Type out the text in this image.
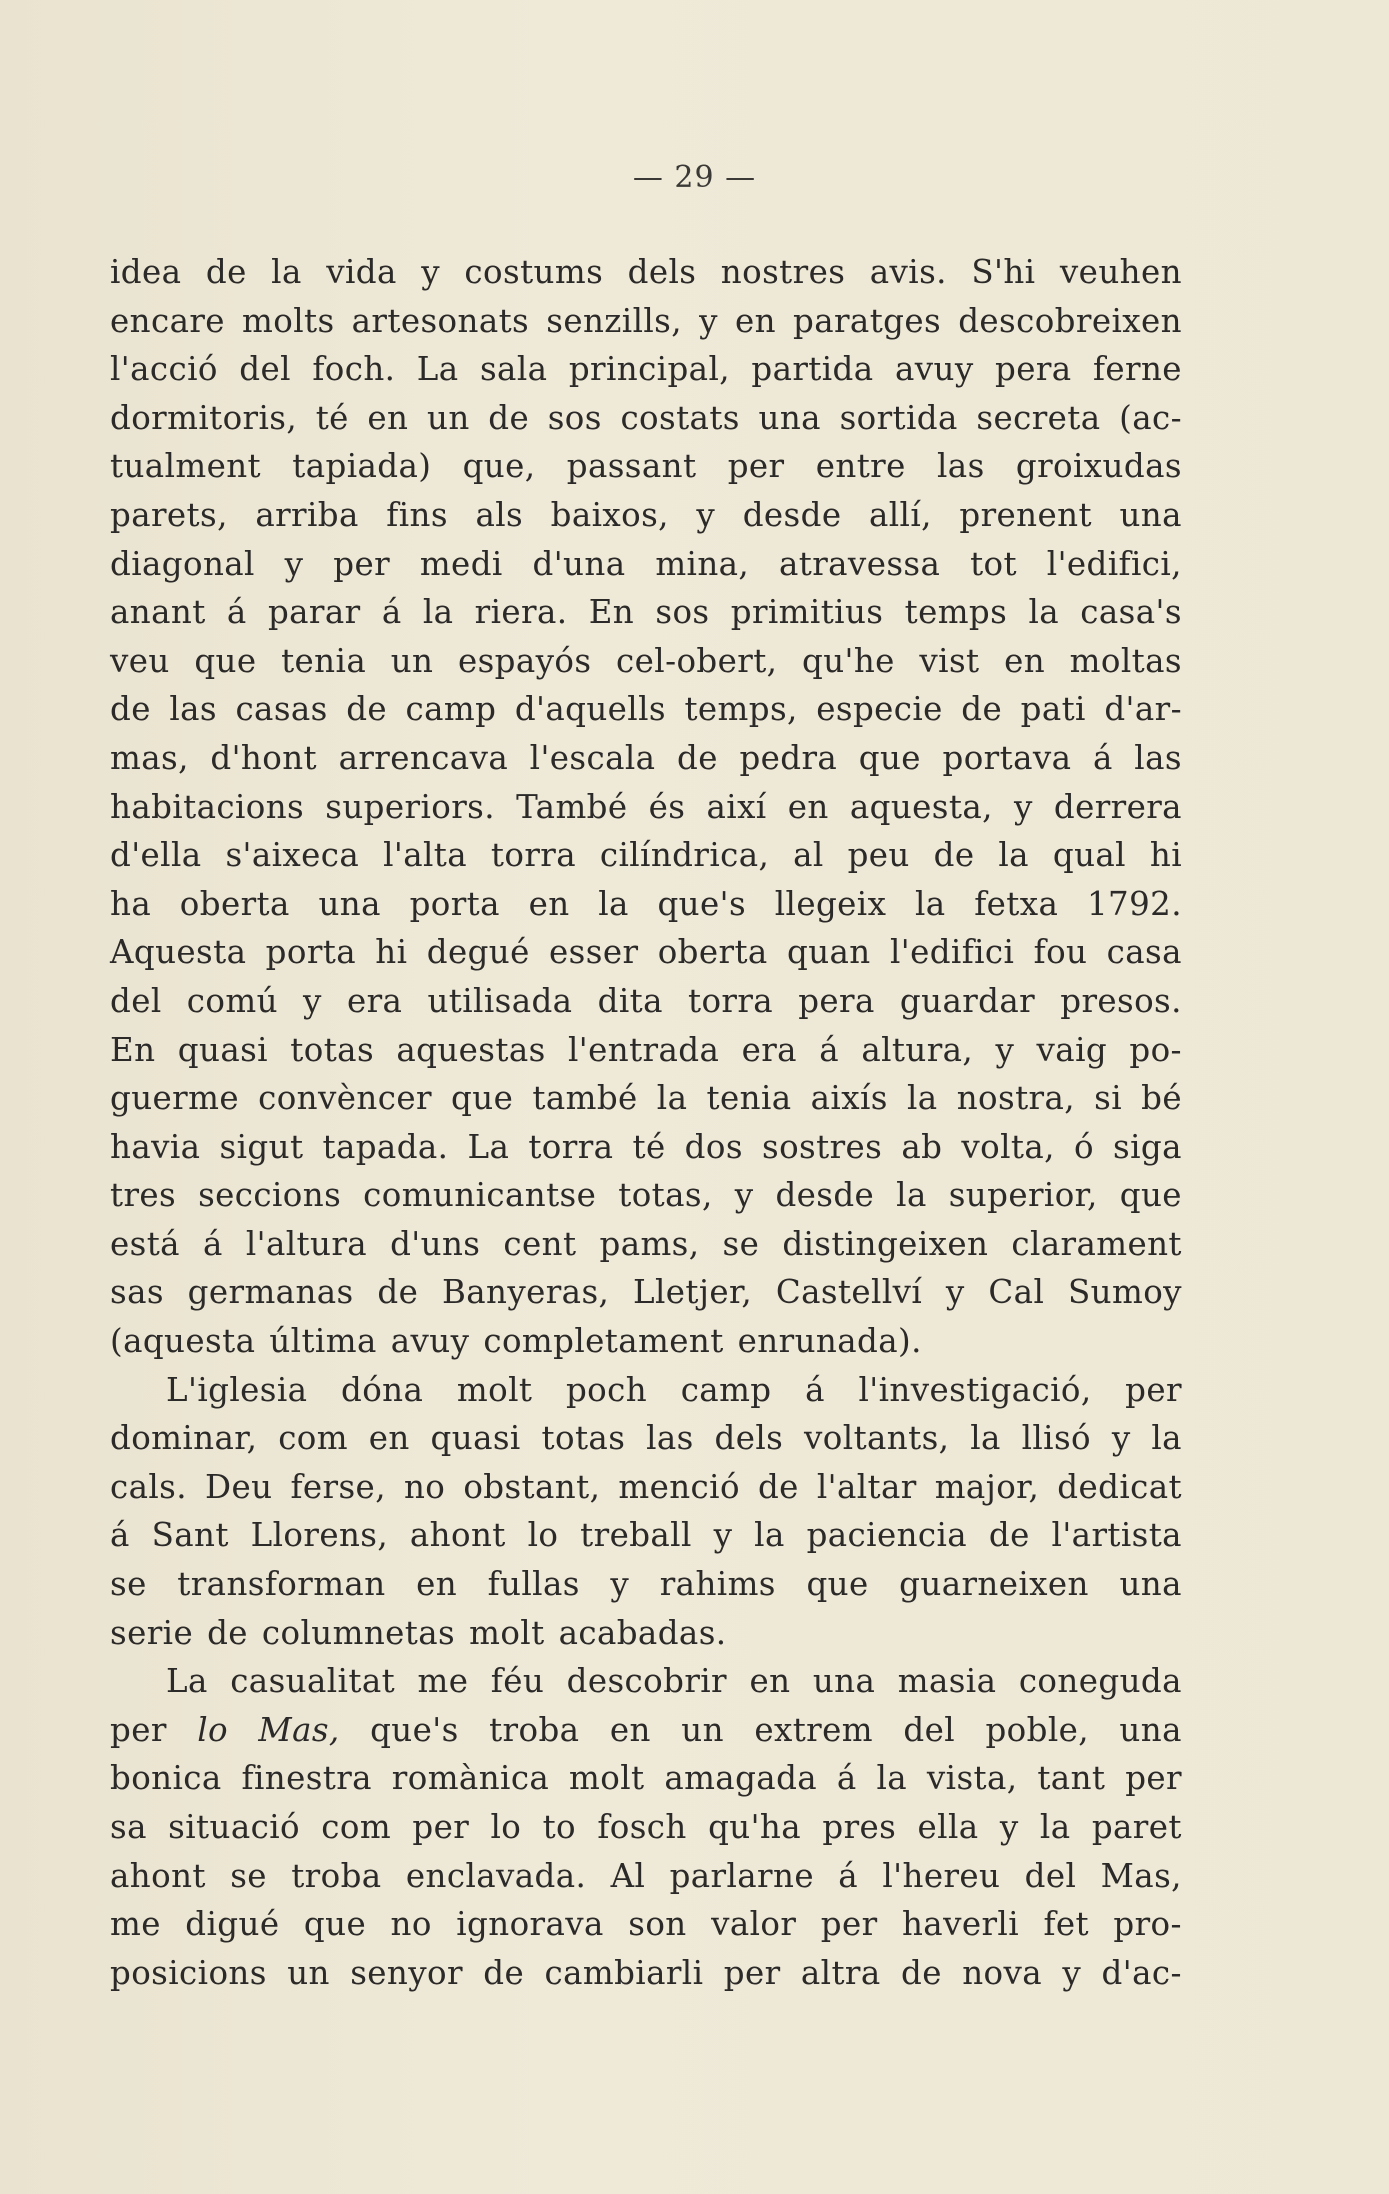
— 29 —
idea de la vida y costums dels nostres avis. S'hi veuhen
encare molts artesonats senzills, y en paratges descobreixen
l'acció del foch. La sala principal, partida avuy pera ferne
dormitoris, té en un de sos costats una sortida secreta (ac-
tualment tapiada) que, passant per entre las groixudas
parets, arriba fins als baixos, y desde allí, prenent una
diagonal y per medi d'una mina, atravessa tot l'edifici,
anant á parar á la riera. En sos primitius temps la casa's
veu que tenia un espayós cel-obert, qu'he vist en moltas
de las casas de camp d'aquells temps, especie de pati d'ar-
mas, d'hont arrencava l'escala de pedra que portava á las
habitacions superiors. També és així en aquesta, y derrera
d'ella s'aixeca l'alta torra cilíndrica, al peu de la qual hi
ha oberta una porta en la que's llegeix la fetxa 1792.
Aquesta porta hi degué esser oberta quan l'edifici fou casa
del comú y era utilisada dita torra pera guardar presos.
En quasi totas aquestas l'entrada era á altura, y vaig po-
guerme convèncer que també la tenia aixís la nostra, si bé
havia sigut tapada. La torra té dos sostres ab volta, ó siga
tres seccions comunicantse totas, y desde la superior, que
está á l'altura d'uns cent pams, se distingeixen clarament
sas germanas de Banyeras, Lletjer, Castellví y Cal Sumoy
(aquesta última avuy completament enrunada).
L'iglesia dóna molt poch camp á l'investigació, per
dominar, com en quasi totas las dels voltants, la llisó y la
cals. Deu ferse, no obstant, menció de l'altar major, dedicat
á Sant Llorens, ahont lo treball y la paciencia de l'artista
se transforman en fullas y rahims que guarneixen una
serie de columnetas molt acabadas.
La casualitat me féu descobrir en una masia coneguda
per lo Mas, que's troba en un extrem del poble, una
bonica finestra romànica molt amagada á la vista, tant per
sa situació com per lo to fosch qu'ha pres ella y la paret
ahont se troba enclavada. Al parlarne á l'hereu del Mas,
me digué que no ignorava son valor per haverli fet pro-
posicions un senyor de cambiarli per altra de nova y d'ac-
